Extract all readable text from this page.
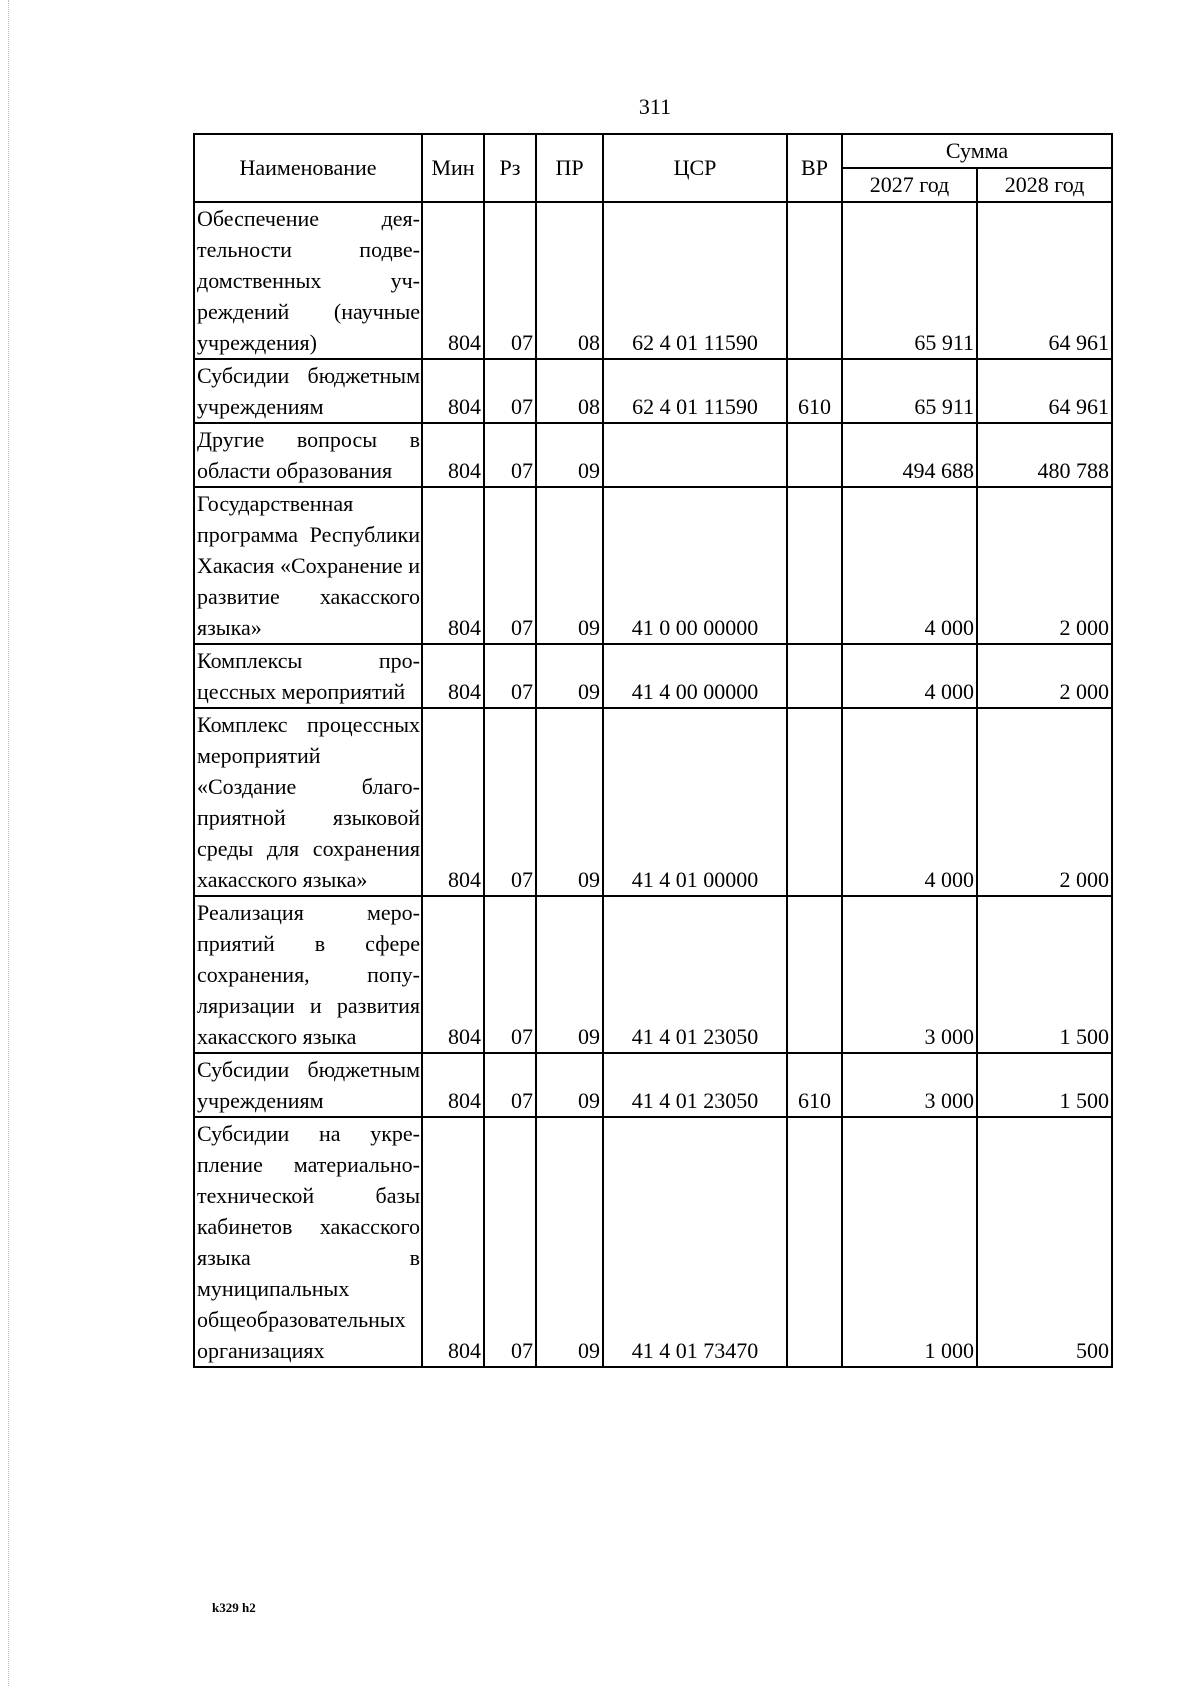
311
Наименование	Мин	Рз	ПР	ЦСР	ВР	Сумма	
						2027 год	2028 год
Обеспечение деятельности подведомственных учреждений (научные учреждения)	804	07	08	62 4 01 11590		65 911	64 961
Субсидии бюджетным учреждениям	804	07	08	62 4 01 11590	610	65 911	64 961
Другие вопросы в области образования	804	07	09			494 688	480 788
Государственная программа Республики Хакасия «Сохранение и развитие хакасского языка»	804	07	09	41 0 00 00000		4 000	2 000
Комплексы процессных мероприятий	804	07	09	41 4 00 00000		4 000	2 000
Комплекс процессных мероприятий «Создание благоприятной языковой среды для сохранения хакасского языка»	804	07	09	41 4 01 00000		4 000	2 000
Реализация мероприятий в сфере сохранения, популяризации и развития хакасского языка	804	07	09	41 4 01 23050		3 000	1 500
Субсидии бюджетным учреждениям	804	07	09	41 4 01 23050	610	3 000	1 500
Субсидии на укрепление материально-технической базы кабинетов хакасского языка в муниципальных общеобразовательных организациях	804	07	09	41 4 01 73470		1 000	500
k329 h2
